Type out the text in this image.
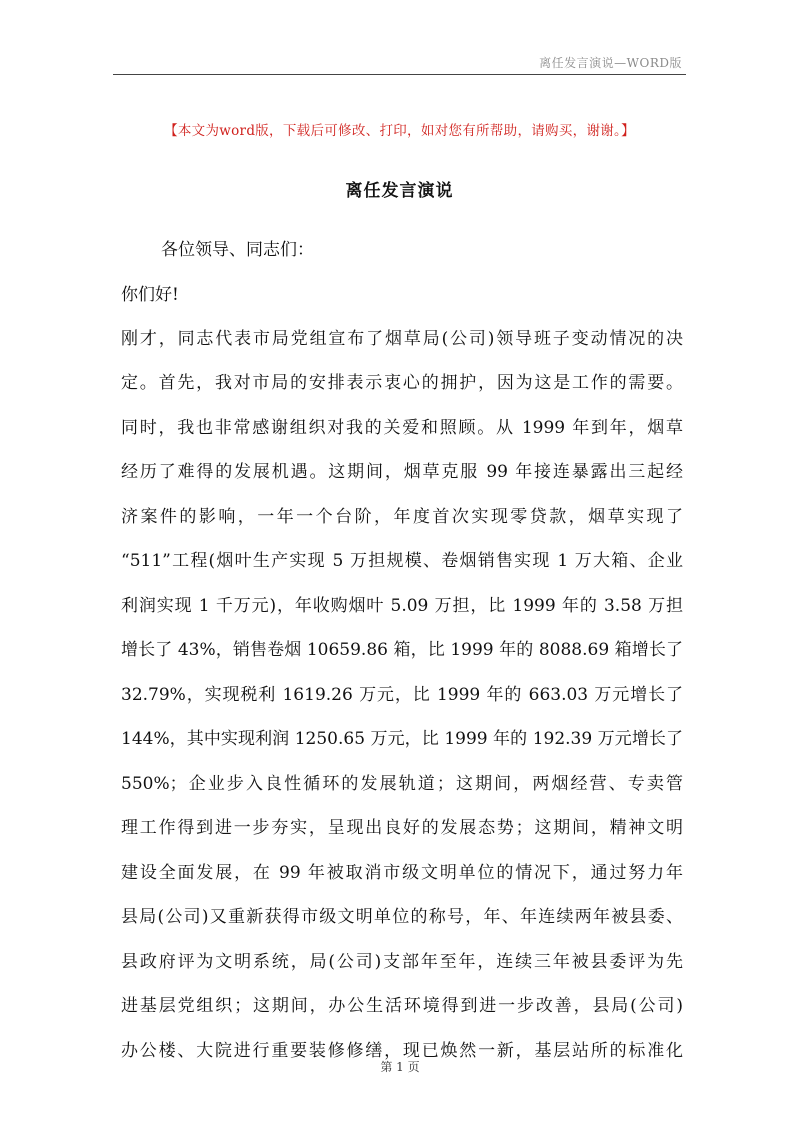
离任发言演说—WORD版
【本文为word版，下载后可修改、打印，如对您有所帮助，请购买，谢谢。】
离任发言演说
各位领导、同志们：
你们好!
刚才，同志代表市局党组宣布了烟草局(公司)领导班子变动情况的决
定。首先，我对市局的安排表示衷心的拥护，因为这是工作的需要。
同时，我也非常感谢组织对我的关爱和照顾。从 1999 年到年，烟草
经历了难得的发展机遇。这期间，烟草克服 99 年接连暴露出三起经
济案件的影响，一年一个台阶，年度首次实现零贷款，烟草实现了
“511”工程(烟叶生产实现 5 万担规模、卷烟销售实现 1 万大箱、企业
利润实现 1 千万元)，年收购烟叶 5.09 万担，比 1999 年的 3.58 万担
增长了 43%，销售卷烟 10659.86 箱，比 1999 年的 8088.69 箱增长了
32.79%，实现税利 1619.26 万元，比 1999 年的 663.03 万元增长了
144%，其中实现利润 1250.65 万元，比 1999 年的 192.39 万元增长了
550%；企业步入良性循环的发展轨道；这期间，两烟经营、专卖管
理工作得到进一步夯实，呈现出良好的发展态势；这期间，精神文明
建设全面发展，在 99 年被取消市级文明单位的情况下，通过努力年
县局(公司)又重新获得市级文明单位的称号，年、年连续两年被县委、
县政府评为文明系统，局(公司)支部年至年，连续三年被县委评为先
进基层党组织；这期间，办公生活环境得到进一步改善，县局(公司)
办公楼、大院进行重要装修修缮，现已焕然一新，基层站所的标准化
第 1 页
